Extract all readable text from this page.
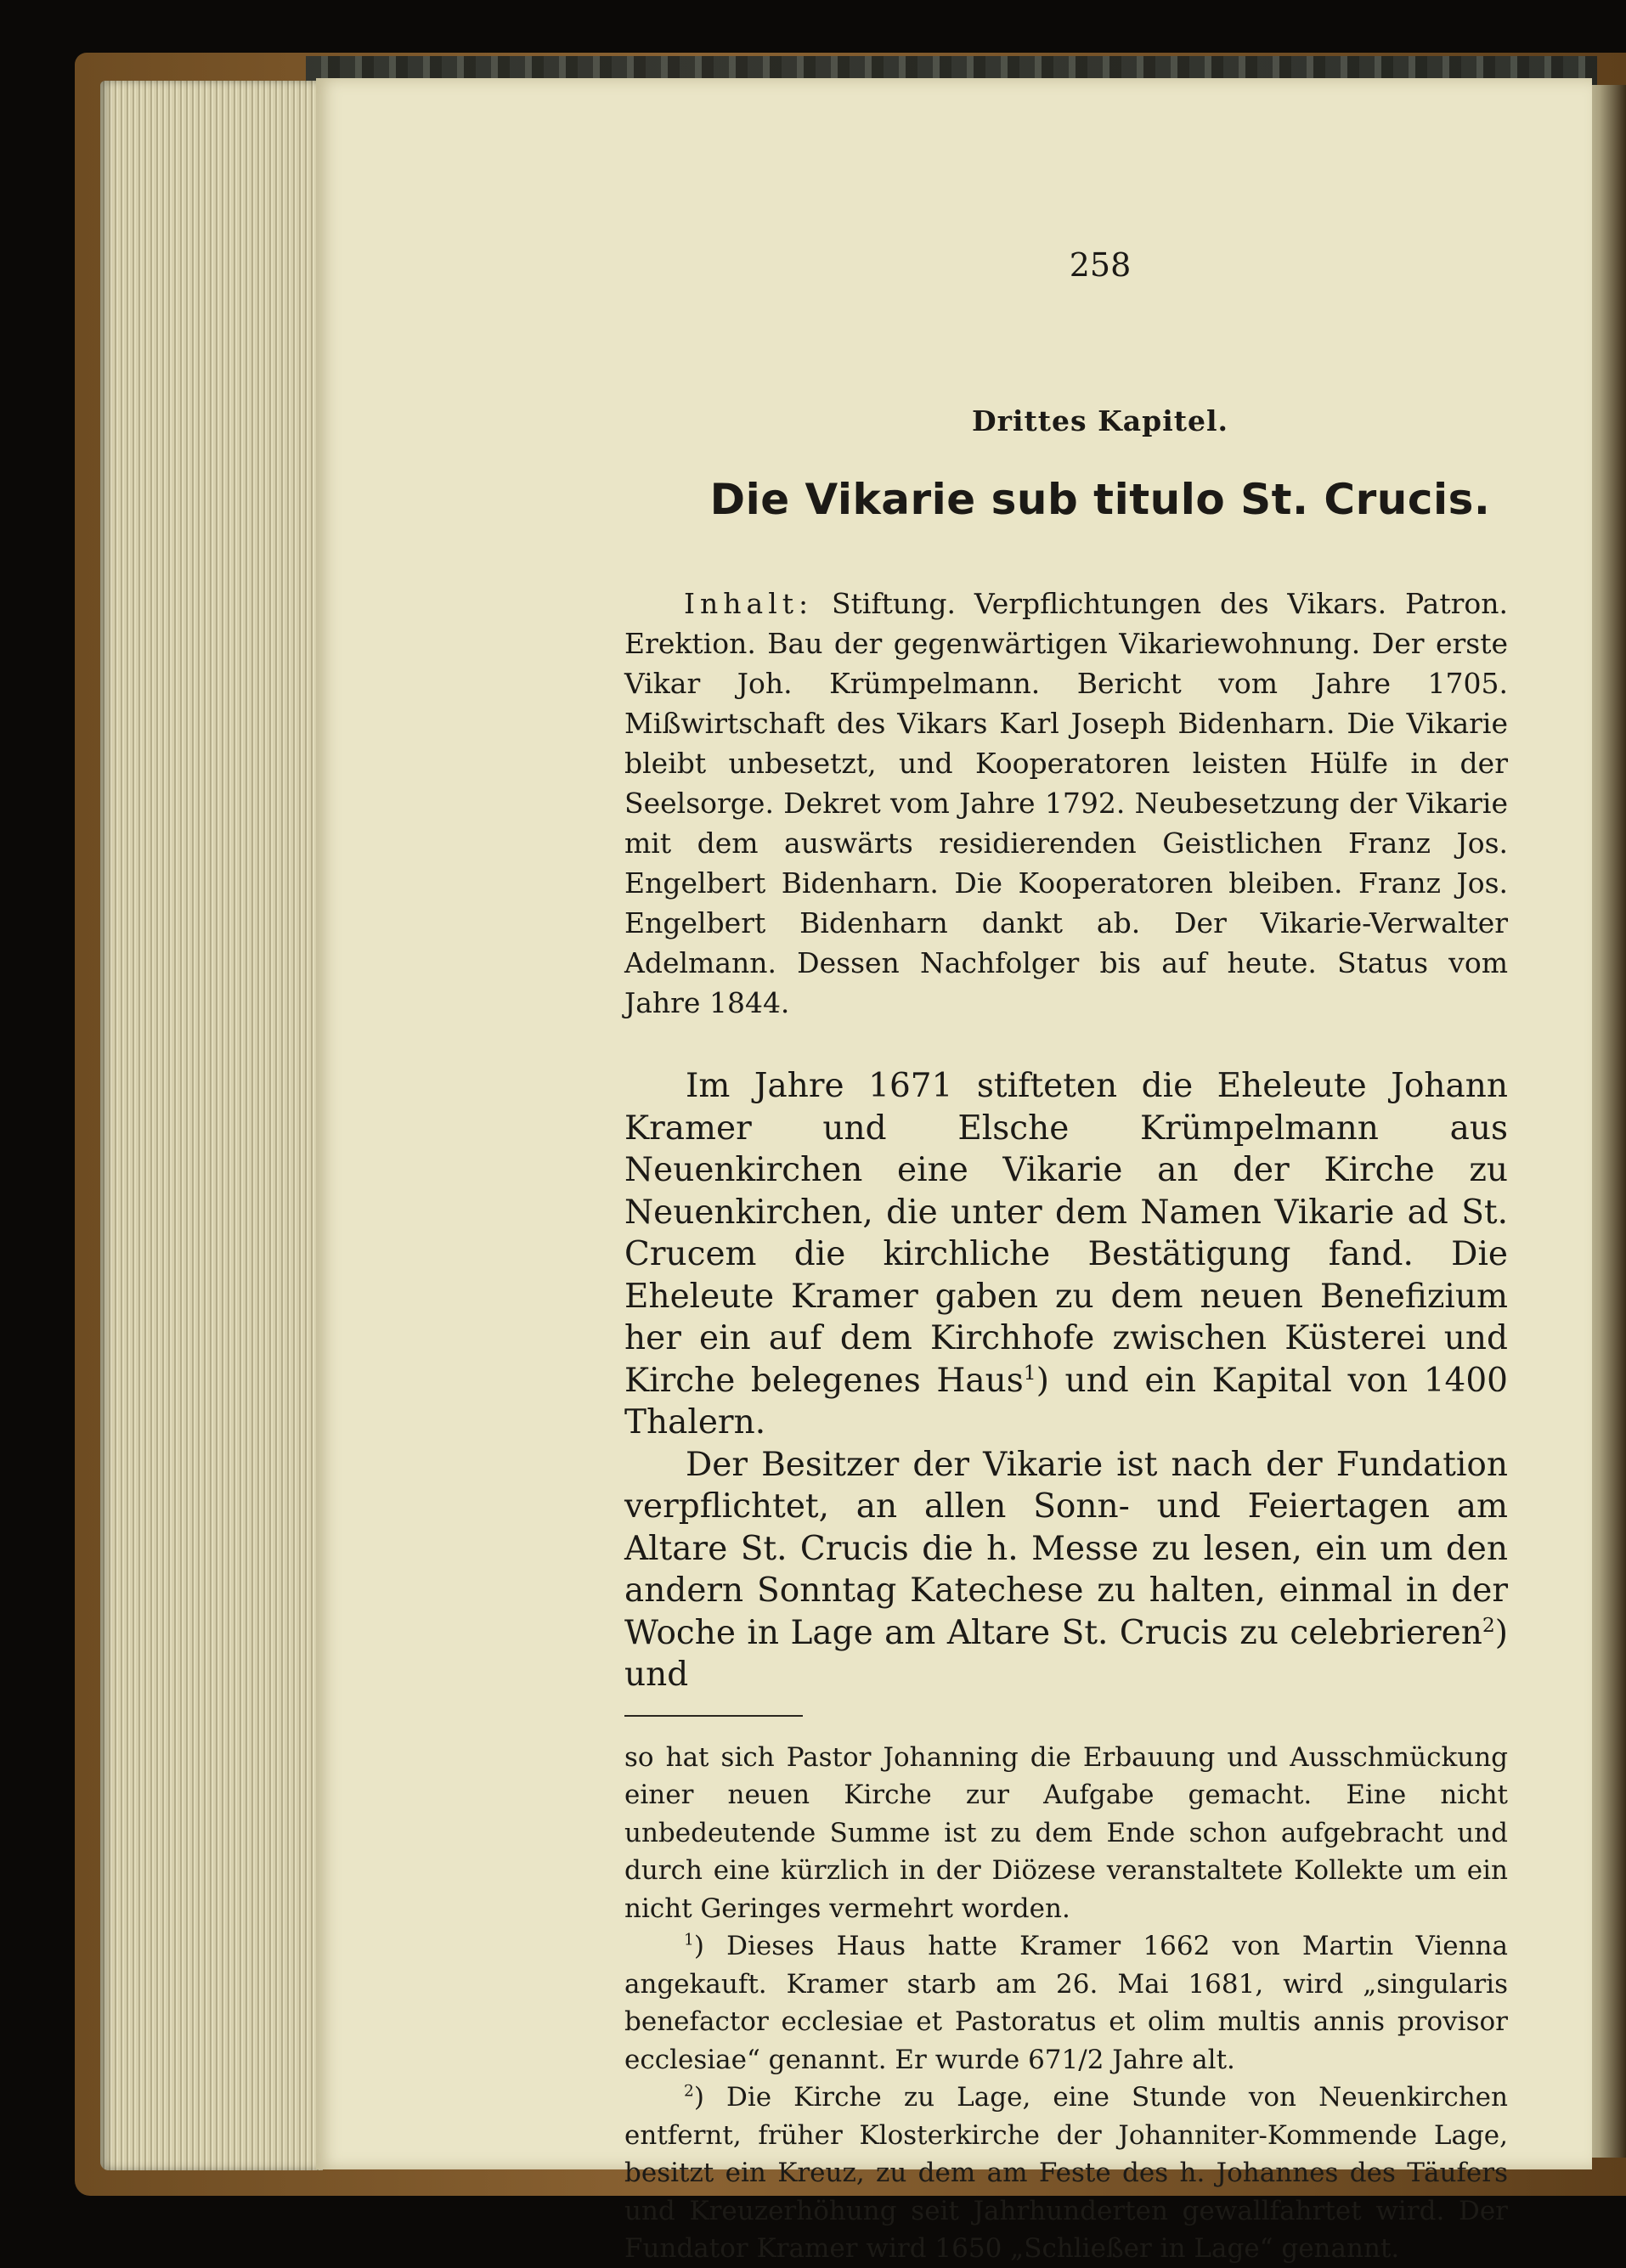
258
Drittes Kapitel.
Die Vikarie sub titulo St. Crucis.
Inhalt: Stiftung. Verpflichtungen des Vikars. Patron. Erektion. Bau der gegenwärtigen Vikariewohnung. Der erste Vikar Joh. Krümpelmann. Bericht vom Jahre 1705. Mißwirtschaft des Vikars Karl Joseph Bidenharn. Die Vikarie bleibt unbesetzt, und Kooperatoren leisten Hülfe in der Seelsorge. Dekret vom Jahre 1792. Neubesetzung der Vikarie mit dem auswärts residierenden Geistlichen Franz Jos. Engelbert Bidenharn. Die Kooperatoren bleiben. Franz Jos. Engelbert Bidenharn dankt ab. Der Vikarie-Verwalter Adelmann. Dessen Nachfolger bis auf heute. Status vom Jahre 1844.

Im Jahre 1671 stifteten die Eheleute Johann Kramer und Elsche Krümpelmann aus Neuenkirchen eine Vikarie an der Kirche zu Neuenkirchen, die unter dem Namen Vikarie ad St. Crucem die kirchliche Bestätigung fand. Die Eheleute Kramer gaben zu dem neuen Benefizium her ein auf dem Kirchhofe zwischen Küsterei und Kirche belegenes Haus$^1$) und ein Kapital von 1400 Thalern.

Der Besitzer der Vikarie ist nach der Fundation verpflichtet, an allen Sonn- und Feiertagen am Altare St. Crucis die h. Messe zu lesen, ein um den andern Sonntag Katechese zu halten, einmal in der Woche in Lage am Altare St. Crucis zu celebrieren$^2$) und

so hat sich Pastor Johanning die Erbauung und Ausschmückung einer neuen Kirche zur Aufgabe gemacht. Eine nicht unbedeutende Summe ist zu dem Ende schon aufgebracht und durch eine kürzlich in der Diözese veranstaltete Kollekte um ein nicht Geringes vermehrt worden.

$^1$) Dieses Haus hatte Kramer 1662 von Martin Vienna angekauft. Kramer starb am 26. Mai 1681, wird „singularis benefactor ecclesiae et Pastoratus et olim multis annis provisor ecclesiae“ genannt. Er wurde 671/2 Jahre alt.

$^2$) Die Kirche zu Lage, eine Stunde von Neuenkirchen entfernt, früher Klosterkirche der Johanniter-Kommende Lage, besitzt ein Kreuz, zu dem am Feste des h. Johannes des Täufers und Kreuzerhöhung seit Jahrhunderten gewallfahrtet wird. Der Fundator Kramer wird 1650 „Schließer in Lage“ genannt.
